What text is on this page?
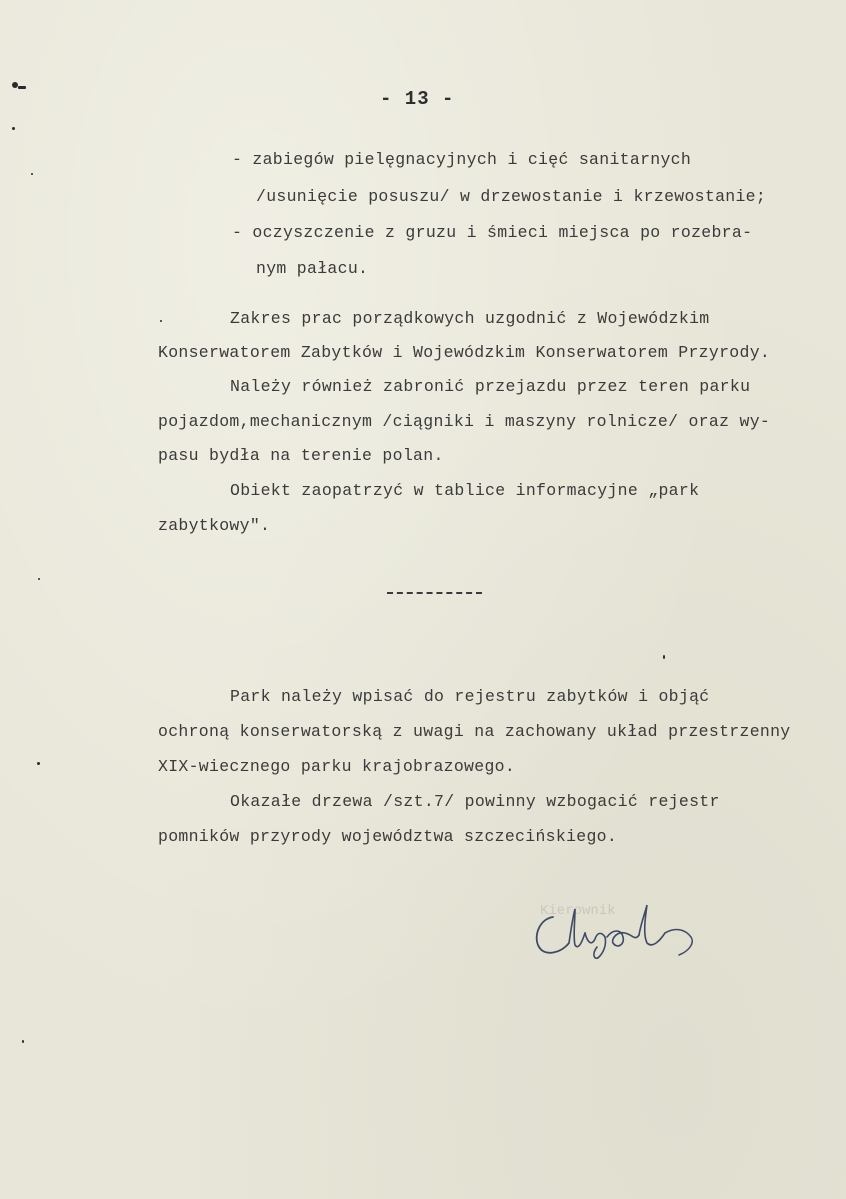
- 13 -
- zabiegów pielęgnacyjnych i cięć sanitarnych
/usunięcie posuszu/ w drzewostanie i krzewostanie;
- oczyszczenie z gruzu i śmieci miejsca po rozebra-
nym pałacu.
Zakres prac porządkowych uzgodnić z Wojewódzkim
Konserwatorem Zabytków i Wojewódzkim Konserwatorem Przyrody.
Należy również zabronić przejazdu przez teren parku
pojazdom,mechanicznym /ciągniki i maszyny rolnicze/ oraz wy-
pasu bydła na terenie polan.
Obiekt zaopatrzyć w tablice informacyjne „park
zabytkowy".
Park należy wpisać do rejestru zabytków i objąć
ochroną konserwatorską z uwagi na zachowany układ przestrzenny
XIX-wiecznego parku krajobrazowego.
Okazałe drzewa /szt.7/ powinny wzbogacić rejestr
pomników przyrody województwa szczecińskiego.
Kierownik
